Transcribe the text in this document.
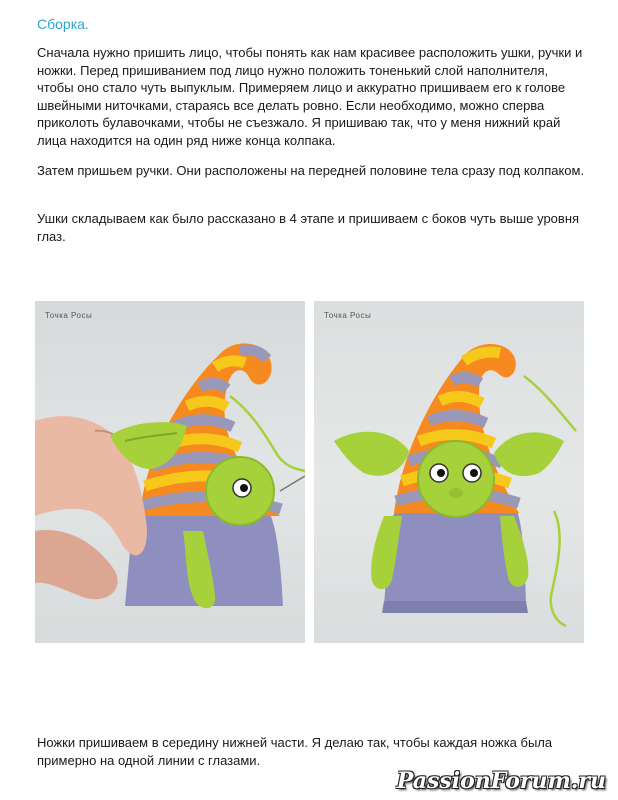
Сборка.

Сначала нужно пришить лицо, чтобы понять как нам красивее расположить ушки, ручки и ножки. Перед пришиванием под лицо нужно положить тоненький слой наполнителя, чтобы оно стало чуть выпуклым. Примеряем лицо и аккуратно пришиваем его к голове швейными ниточками, стараясь все делать ровно. Если необходимо, можно сперва приколоть булавочками, чтобы не съезжало. Я пришиваю так, что у меня нижний край лица находится на один ряд ниже конца колпака.

Затем пришьем ручки. Они расположены на передней половине тела сразу под колпаком.

Ушки складываем как было рассказано в 4 этапе и пришиваем с боков чуть выше уровня глаз.

Точка Росы	Точка Росы

Ножки пришиваем в середину нижней части. Я делаю так, чтобы каждая ножка была примерно на одной линии с глазами.

PassionForum.ru
